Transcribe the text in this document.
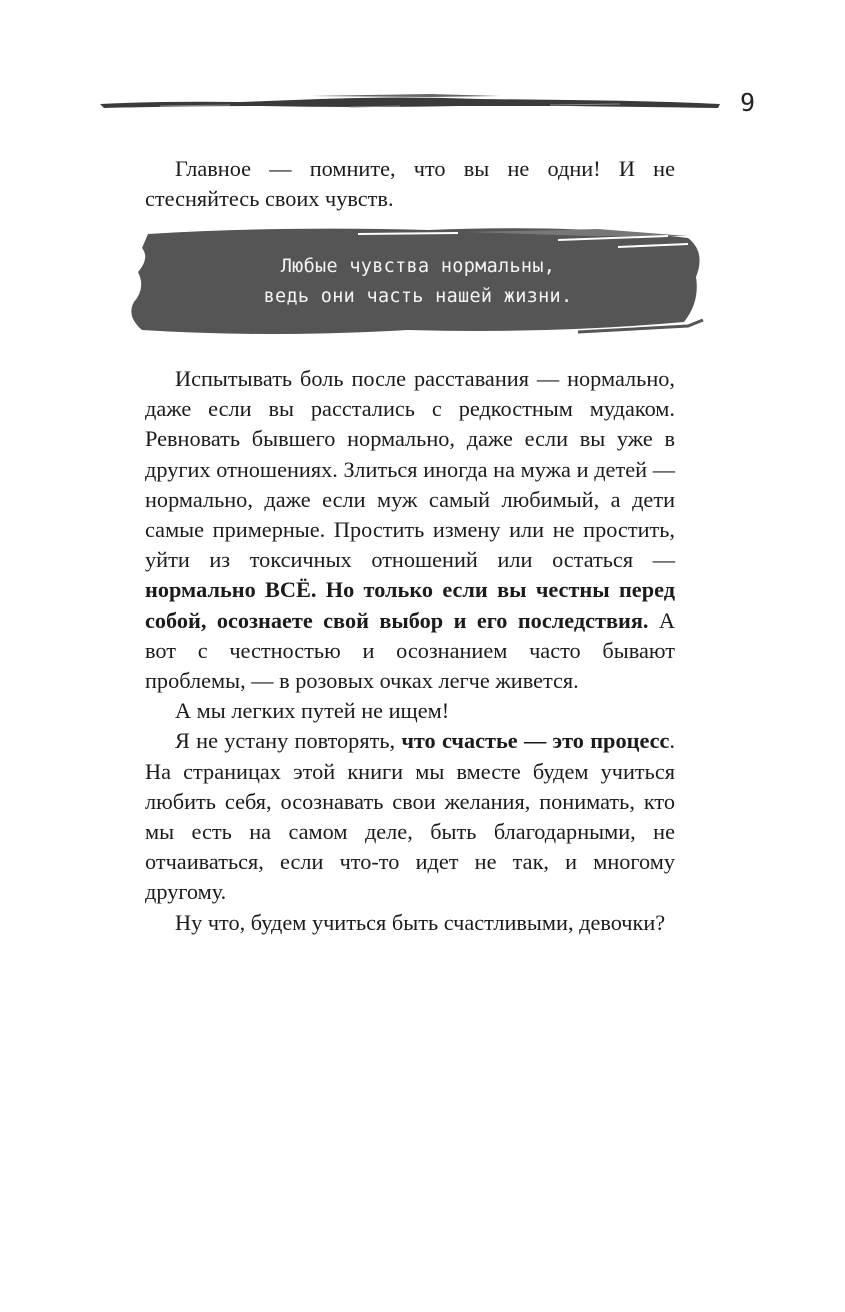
9

Главное — помните, что вы не одни! И не стесняйтесь своих чувств.

Любые чувства нормальны,
ведь они часть нашей жизни.

Испытывать боль после расставания — нормально, даже если вы расстались с редкостным мудаком. Ревновать бывшего нормально, даже если вы уже в других отношениях. Злиться иногда на мужа и детей — нормально, даже если муж самый любимый, а дети самые примерные. Простить измену или не простить, уйти из токсичных отношений или остаться — нормально ВСЁ. Но только если вы честны перед собой, осознаете свой выбор и его последствия. А вот с честностью и осознанием часто бывают проблемы, — в розовых очках легче живется.

А мы легких путей не ищем!

Я не устану повторять, что счастье — это процесс. На страницах этой книги мы вместе будем учиться любить себя, осознавать свои желания, понимать, кто мы есть на самом деле, быть благодарными, не отчаиваться, если что-то идет не так, и многому другому.

Ну что, будем учиться быть счастливыми, девочки?
